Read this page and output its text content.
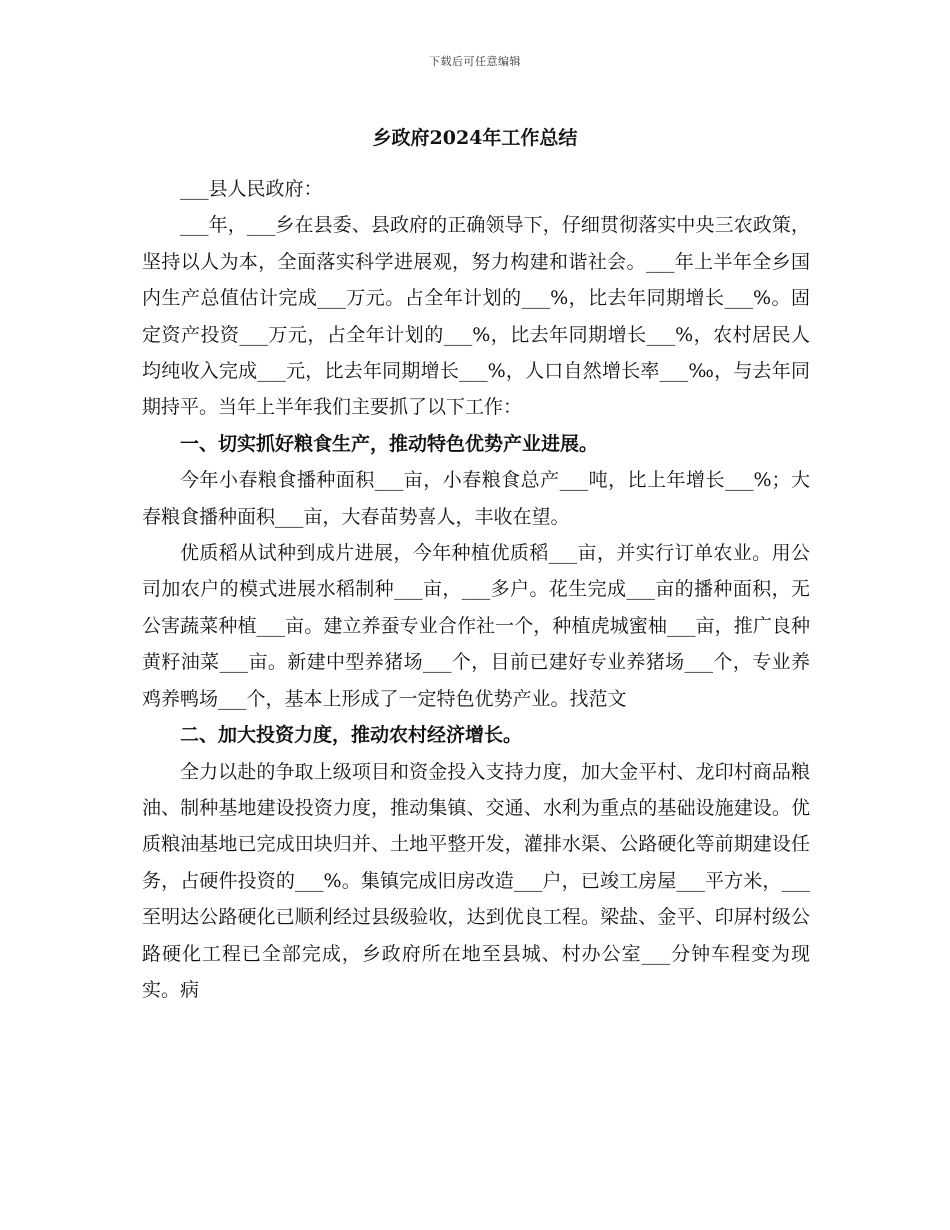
下载后可任意编辑
乡政府2024年工作总结

___县人民政府：

___年，___乡在县委、县政府的正确领导下，仔细贯彻落实中央三农政策，坚持以人为本，全面落实科学进展观，努力构建和谐社会。___年上半年全乡国内生产总值估计完成___万元。占全年计划的___%，比去年同期增长___%。固定资产投资___万元，占全年计划的___%，比去年同期增长___%，农村居民人均纯收入完成___元，比去年同期增长___%，人口自然增长率___‰，与去年同期持平。当年上半年我们主要抓了以下工作：

一、切实抓好粮食生产，推动特色优势产业进展。

今年小春粮食播种面积___亩，小春粮食总产___吨，比上年增长___%；大春粮食播种面积___亩，大春苗势喜人，丰收在望。

优质稻从试种到成片进展，今年种植优质稻___亩，并实行订单农业。用公司加农户的模式进展水稻制种___亩，___多户。花生完成___亩的播种面积，无公害蔬菜种植___亩。建立养蚕专业合作社一个，种植虎城蜜柚___亩，推广良种黄籽油菜___亩。新建中型养猪场___个，目前已建好专业养猪场___个，专业养鸡养鸭场___个，基本上形成了一定特色优势产业。找范文

二、加大投资力度，推动农村经济增长。

全力以赴的争取上级项目和资金投入支持力度，加大金平村、龙印村商品粮油、制种基地建设投资力度，推动集镇、交通、水利为重点的基础设施建设。优质粮油基地已完成田块归并、土地平整开发，灌排水渠、公路硬化等前期建设任务，占硬件投资的___%。集镇完成旧房改造___户，已竣工房屋___平方米，___至明达公路硬化已顺利经过县级验收，达到优良工程。梁盐、金平、印屏村级公路硬化工程已全部完成，乡政府所在地至县城、村办公室___分钟车程变为现实。病
